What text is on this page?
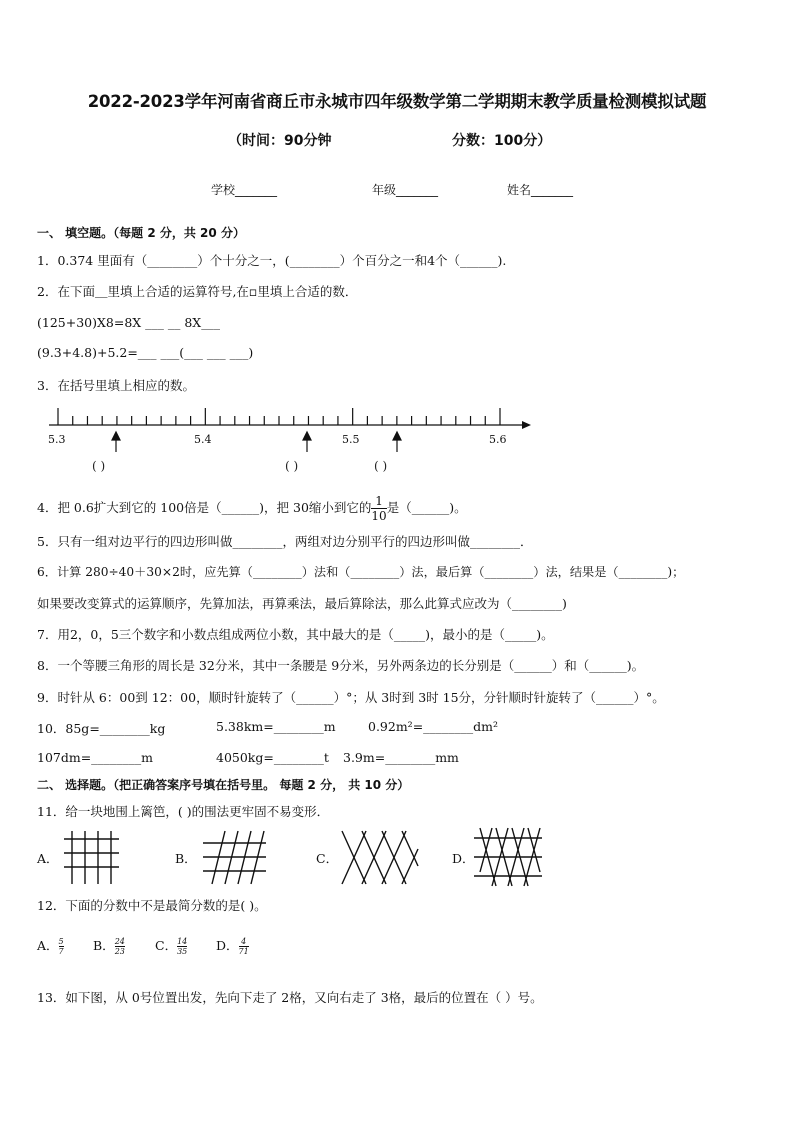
2022-2023学年河南省商丘市永城市四年级数学第二学期期末教学质量检测模拟试题
（时间：90分钟	分数：100分）
学校_______	年级_______	姓名_______
一、 填空题。（每题 2 分，共 20 分）
1．0.374 里面有（________）个十分之一，(________）个百分之一和4个（______).
2．在下面＿里填上合适的运算符号,在▫里填上合适的数．
(125+30)X8=8X ___ __ 8X___
(9.3+4.8)+5.2=___ ___(___ ___ ___)
3．在括号里填上相应的数。
5.3	5.4	5.5	5.6
( )	( )	( )
4．把 0.6扩大到它的 100倍是（______)，把 30缩小到它的 $\frac{1}{10}$ 是（______)。
5．只有一组对边平行的四边形叫做________，两组对边分别平行的四边形叫做________．
6．计算 280÷40＋30×2时，应先算（________）法和（________）法，最后算（________）法，结果是（________)；
如果要改变算式的运算顺序，先算加法，再算乘法，最后算除法，那么此算式应改为（________)
7．用2，0，5三个数字和小数点组成两位小数，其中最大的是（_____)，最小的是（_____)。
8．一个等腰三角形的周长是 32分米，其中一条腰是 9分米，另外两条边的长分别是（______）和（______)。
9．时针从 6：00到 12：00，顺时针旋转了（______）°；从 3时到 3时 15分，分针顺时针旋转了（______）°。
10．85g=________kg	5.38km=________m	0.92m²=________dm²
107dm=________m	4050kg=________t 3.9m=________mm
二、 选择题。（把正确答案序号填在括号里。 每题 2 分， 共 10 分）
11．给一块地围上篱笆，( )的围法更牢固不易变形．
A．	B．	C．	D．
12．下面的分数中不是最简分数的是( )。
A． $\frac{5}{7}$ B． $\frac{24}{23}$ C． $\frac{14}{35}$ D． $\frac{4}{71}$
13．如下图，从 0号位置出发，先向下走了 2格，又向右走了 3格，最后的位置在（ ）号。
